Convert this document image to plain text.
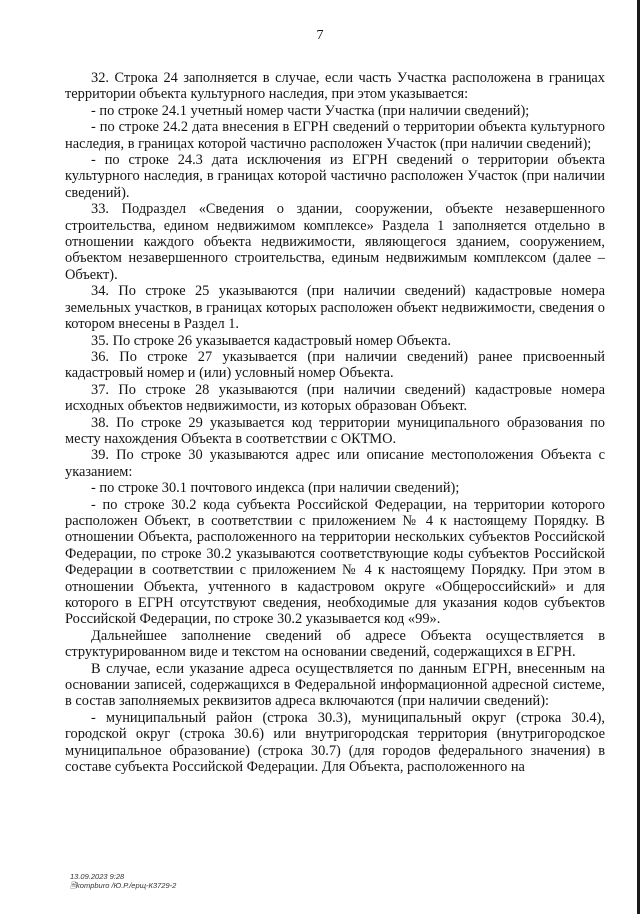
7

32. Строка 24 заполняется в случае, если часть Участка расположена в границах территории объекта культурного наследия, при этом указывается:

- по строке 24.1 учетный номер части Участка (при наличии сведений);

- по строке 24.2 дата внесения в ЕГРН сведений о территории объекта культурного наследия, в границах которой частично расположен Участок (при наличии сведений);

- по строке 24.3 дата исключения из ЕГРН сведений о территории объекта культурного наследия, в границах которой частично расположен Участок (при наличии сведений).

33. Подраздел «Сведения о здании, сооружении, объекте незавершенного строительства, едином недвижимом комплексе» Раздела 1 заполняется отдельно в отношении каждого объекта недвижимости, являющегося зданием, сооружением, объектом незавершенного строительства, единым недвижимым комплексом (далее – Объект).

34. По строке 25 указываются (при наличии сведений) кадастровые номера земельных участков, в границах которых расположен объект недвижимости, сведения о котором внесены в Раздел 1.

35. По строке 26 указывается кадастровый номер Объекта.

36. По строке 27 указывается (при наличии сведений) ранее присвоенный кадастровый номер и (или) условный номер Объекта.

37. По строке 28 указываются (при наличии сведений) кадастровые номера исходных объектов недвижимости, из которых образован Объект.

38. По строке 29 указывается код территории муниципального образования по месту нахождения Объекта в соответствии с ОКТМО.

39. По строке 30 указываются адрес или описание местоположения Объекта с указанием:

- по строке 30.1 почтового индекса (при наличии сведений);

- по строке 30.2 кода субъекта Российской Федерации, на территории которого расположен Объект, в соответствии с приложением № 4 к настоящему Порядку. В отношении Объекта, расположенного на территории нескольких субъектов Российской Федерации, по строке 30.2 указываются соответствующие коды субъектов Российской Федерации в соответствии с приложением № 4 к настоящему Порядку. При этом в отношении Объекта, учтенного в кадастровом округе «Общероссийский» и для которого в ЕГРН отсутствуют сведения, необходимые для указания кодов субъектов Российской Федерации, по строке 30.2 указывается код «99».

Дальнейшее заполнение сведений об адресе Объекта осуществляется в структурированном виде и текстом на основании сведений, содержащихся в ЕГРН.

В случае, если указание адреса осуществляется по данным ЕГРН, внесенным на основании записей, содержащихся в Федеральной информационной адресной системе, в состав заполняемых реквизитов адреса включаются (при наличии сведений):

- муниципальный район (строка 30.3), муниципальный округ (строка 30.4), городской округ (строка 30.6) или внутригородская территория (внутригородское муниципальное образование) (строка 30.7) (для городов федерального значения) в составе субъекта Российской Федерации. Для Объекта, расположенного на

13.09.2023 9:28
🗎kompburo /Ю.Р./ерщ-К3729-2
